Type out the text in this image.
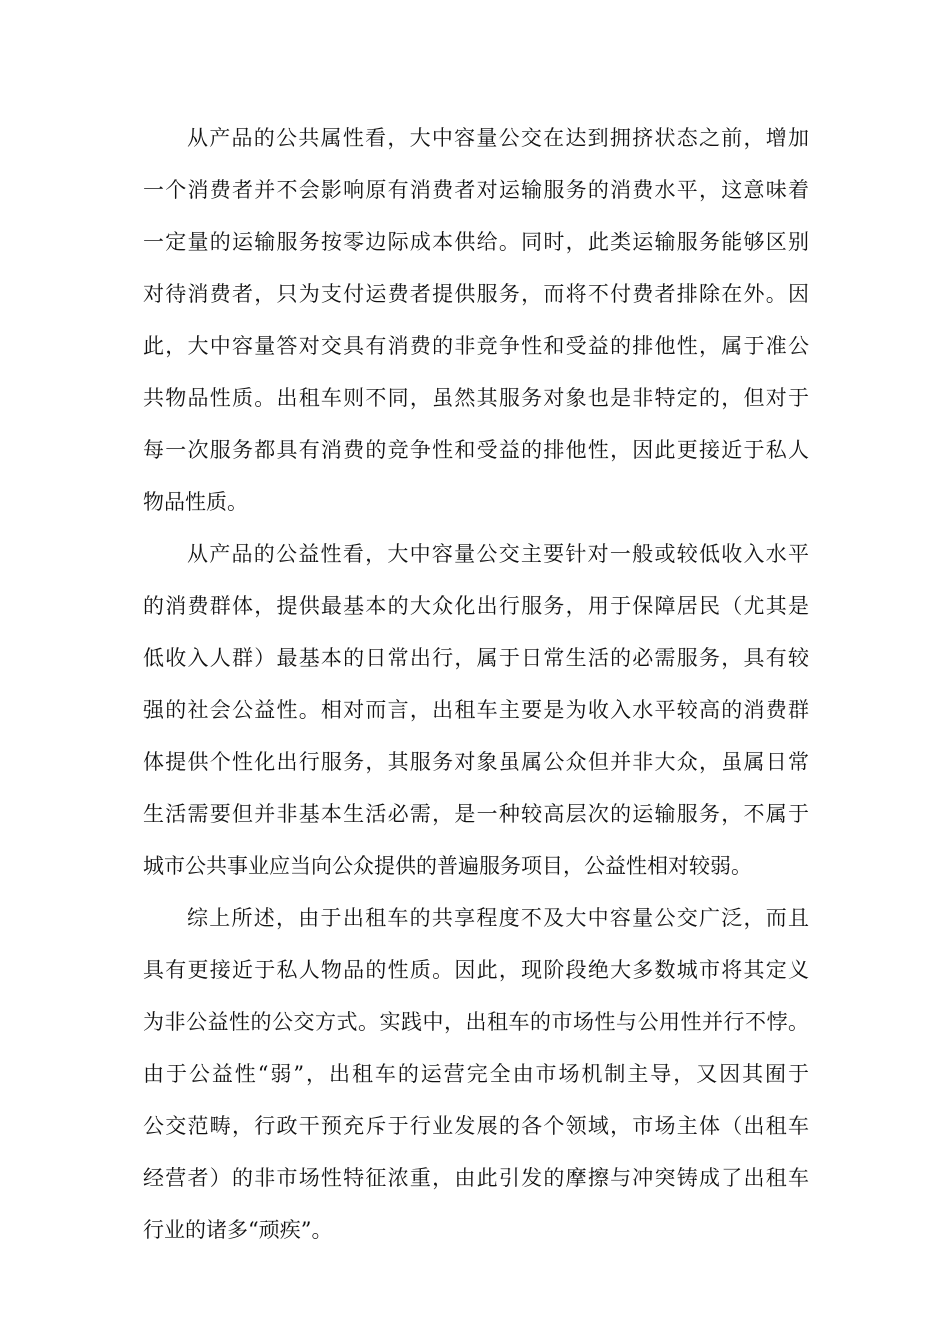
从产品的公共属性看，大中容量公交在达到拥挤状态之前，增加
一个消费者并不会影响原有消费者对运输服务的消费水平，这意味着
一定量的运输服务按零边际成本供给。同时，此类运输服务能够区别
对待消费者，只为支付运费者提供服务，而将不付费者排除在外。因
此，大中容量答对交具有消费的非竞争性和受益的排他性，属于准公
共物品性质。出租车则不同，虽然其服务对象也是非特定的，但对于
每一次服务都具有消费的竞争性和受益的排他性，因此更接近于私人
物品性质。
从产品的公益性看，大中容量公交主要针对一般或较低收入水平
的消费群体，提供最基本的大众化出行服务，用于保障居民（尤其是
低收入人群）最基本的日常出行，属于日常生活的必需服务，具有较
强的社会公益性。相对而言，出租车主要是为收入水平较高的消费群
体提供个性化出行服务，其服务对象虽属公众但并非大众，虽属日常
生活需要但并非基本生活必需，是一种较高层次的运输服务，不属于
城市公共事业应当向公众提供的普遍服务项目，公益性相对较弱。
综上所述，由于出租车的共享程度不及大中容量公交广泛，而且
具有更接近于私人物品的性质。因此，现阶段绝大多数城市将其定义
为非公益性的公交方式。实践中，出租车的市场性与公用性并行不悖。
由于公益性“弱”，出租车的运营完全由市场机制主导，又因其囿于
公交范畴，行政干预充斥于行业发展的各个领域，市场主体（出租车
经营者）的非市场性特征浓重，由此引发的摩擦与冲突铸成了出租车
行业的诸多“顽疾”。
